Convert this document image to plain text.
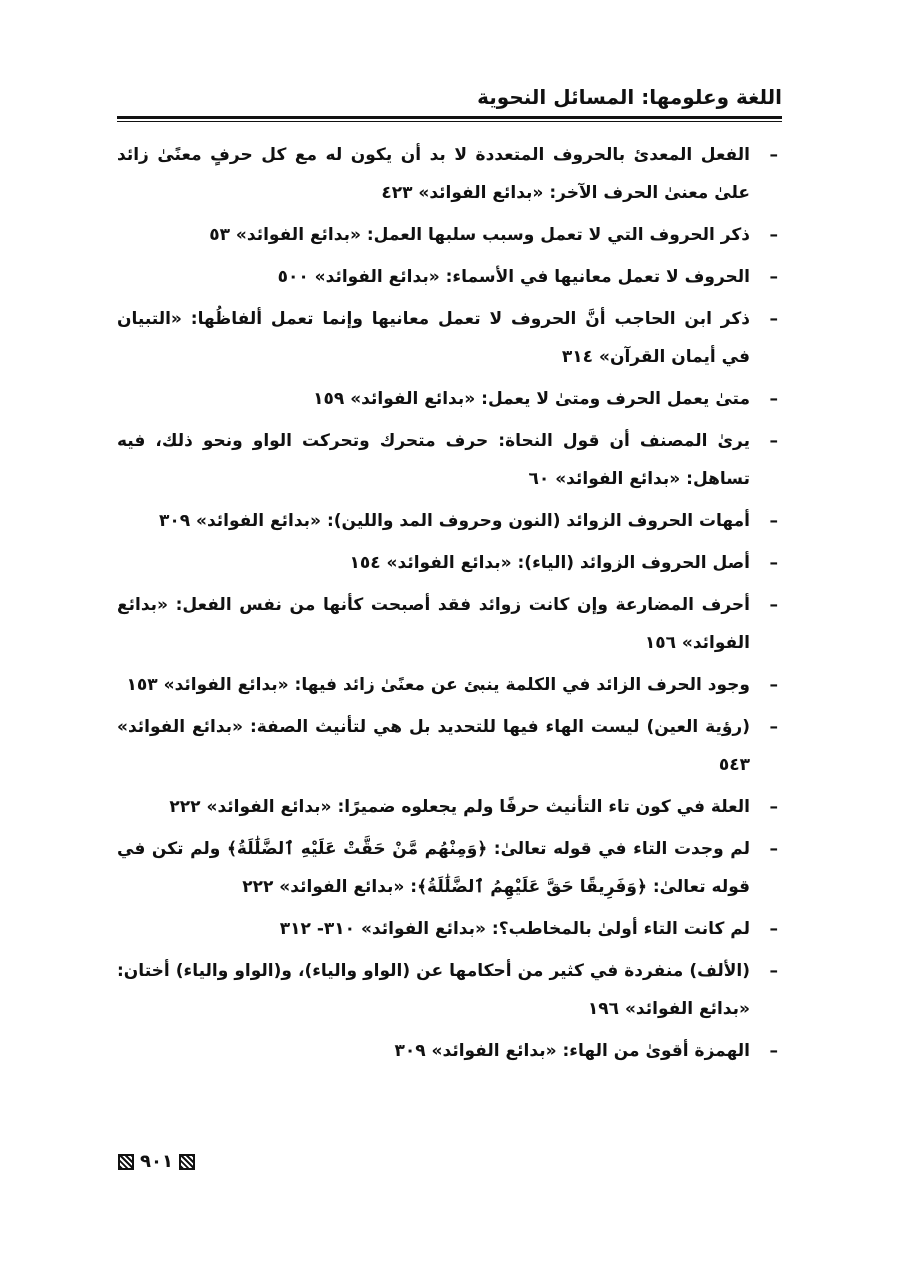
اللغة وعلومها: المسائل النحوية
–
الفعل المعدئ بالحروف المتعددة لا بد أن يكون له مع كل حرفٍ معنًىٰ زائد علىٰ معنىٰ الحرف الآخر: «بدائع الفوائد» ٤٢٣
–
ذكر الحروف التي لا تعمل وسبب سلبها العمل: «بدائع الفوائد» ٥٣
–
الحروف لا تعمل معانيها في الأسماء: «بدائع الفوائد» ٥٠٠
–
ذكر ابن الحاجب أنَّ الحروف لا تعمل معانيها وإنما تعمل ألفاظُها: «التبيان في أيمان القرآن» ٣١٤
–
متىٰ يعمل الحرف ومتىٰ لا يعمل: «بدائع الفوائد» ١٥٩
–
يرىٰ المصنف أن قول النحاة: حرف متحرك وتحركت الواو ونحو ذلك، فيه تساهل: «بدائع الفوائد» ٦٠
–
أمهات الحروف الزوائد (النون وحروف المد واللين): «بدائع الفوائد» ٣٠٩
–
أصل الحروف الزوائد (الياء): «بدائع الفوائد» ١٥٤
–
أحرف المضارعة وإن كانت زوائد فقد أصبحت كأنها من نفس الفعل: «بدائع الفوائد» ١٥٦
–
وجود الحرف الزائد في الكلمة ينبئ عن معنًىٰ زائد فيها: «بدائع الفوائد» ١٥٣
–
(رؤية العين) ليست الهاء فيها للتحديد بل هي لتأنيث الصفة: «بدائع الفوائد» ٥٤٣
–
العلة في كون تاء التأنيث حرفًا ولم يجعلوه ضميرًا: «بدائع الفوائد» ٢٢٢
–
لم وجدت التاء في قوله تعالىٰ: ﴿وَمِنْهُم مَّنْ حَقَّتْ عَلَيْهِ ٱلضَّلَٰلَةُ﴾ ولم تكن في قوله تعالىٰ: ﴿وَفَرِيقًا حَقَّ عَلَيْهِمُ ٱلضَّلَٰلَةُ﴾: «بدائع الفوائد» ٢٢٢
–
لم كانت التاء أولىٰ بالمخاطب؟: «بدائع الفوائد» ٣١٠- ٣١٢
–
(الألف) منفردة في كثير من أحكامها عن (الواو والياء)، و(الواو والياء) أختان: «بدائع الفوائد» ١٩٦
–
الهمزة أقوىٰ من الهاء: «بدائع الفوائد» ٣٠٩
٩٠١
